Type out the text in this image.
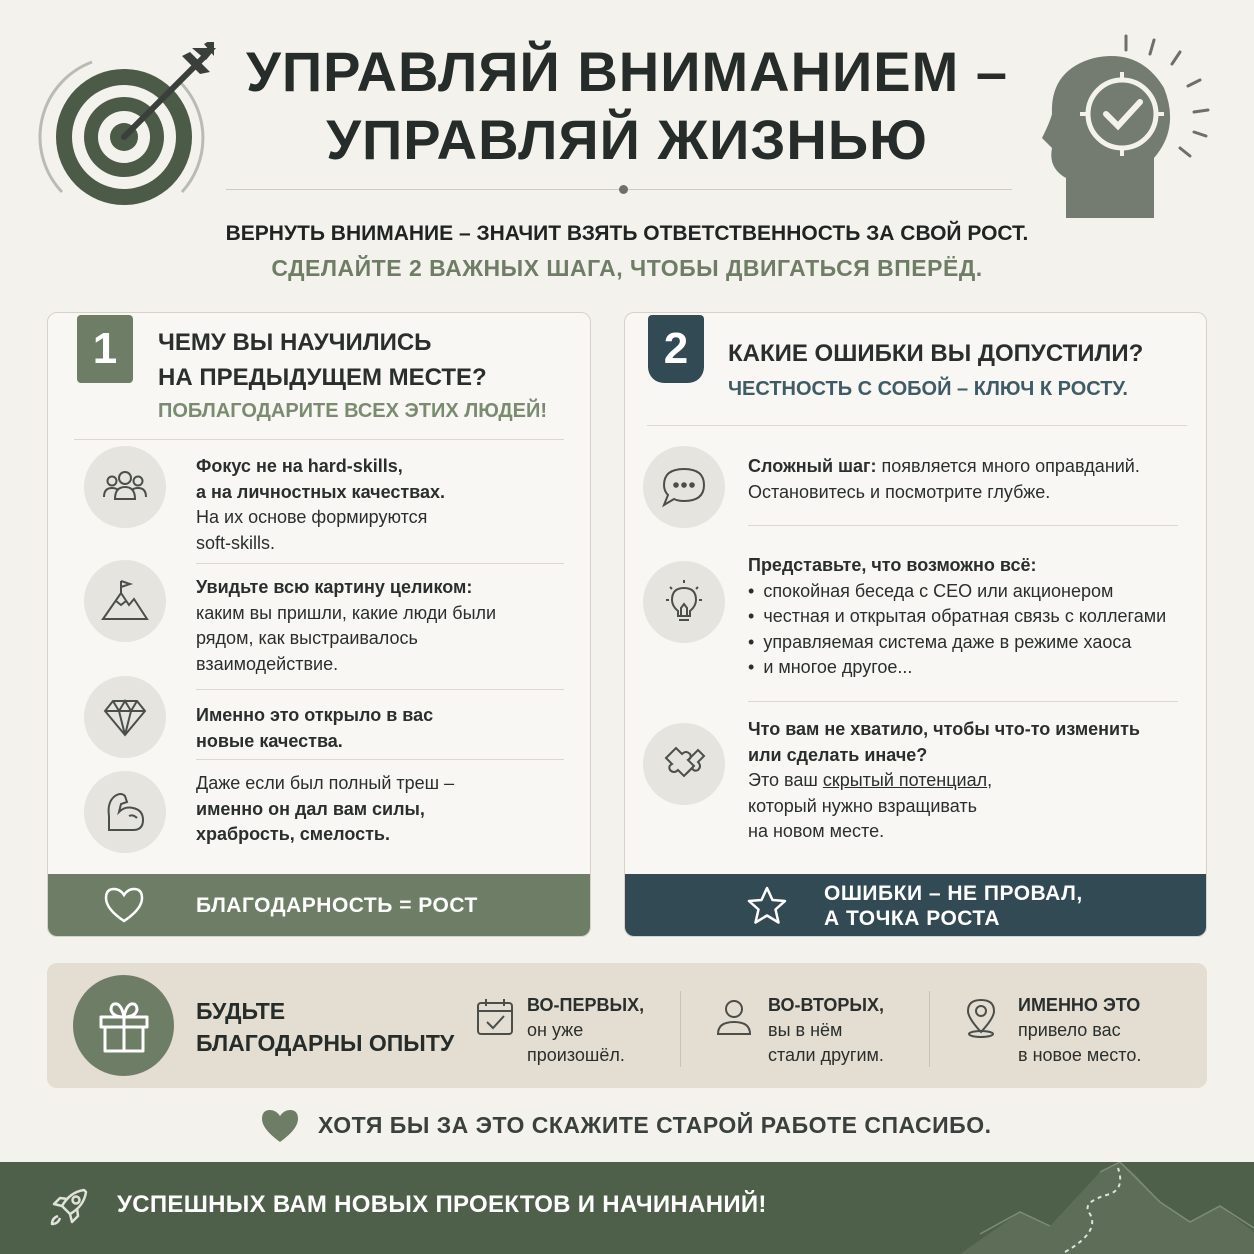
УПРАВЛЯЙ ВНИМАНИЕМ –
УПРАВЛЯЙ ЖИЗНЬЮ
ВЕРНУТЬ ВНИМАНИЕ – ЗНАЧИТ ВЗЯТЬ ОТВЕТСТВЕННОСТЬ ЗА СВОЙ РОСТ.
СДЕЛАЙТЕ 2 ВАЖНЫХ ШАГА, ЧТОБЫ ДВИГАТЬСЯ ВПЕРЁД.
1	ЧЕМУ ВЫ НАУЧИЛИСЬ
НА ПРЕДЫДУЩЕМ МЕСТЕ?
ПОБЛАГОДАРИТЕ ВСЕХ ЭТИХ ЛЮДЕЙ!
Фокус не на hard-skills,
а на личностных качествах.
На их основе формируются
soft-skills.
Увидьте всю картину целиком:
каким вы пришли, какие люди были
рядом, как выстраивалось
взаимодействие.
Именно это открыло в вас
новые качества.
Даже если был полный треш –
именно он дал вам силы,
храбрость, смелость.
БЛАГОДАРНОСТЬ = РОСТ
2	КАКИЕ ОШИБКИ ВЫ ДОПУСТИЛИ?
ЧЕСТНОСТЬ С СОБОЙ – КЛЮЧ К РОСТУ.
Сложный шаг: появляется много оправданий.
Остановитесь и посмотрите глубже.
Представьте, что возможно всё:
• спокойная беседа с CEO или акционером
• честная и открытая обратная связь с коллегами
• управляемая система даже в режиме хаоса
• и многое другое...
Что вам не хватило, чтобы что-то изменить
или сделать иначе?
Это ваш скрытый потенциал,
который нужно взращивать
на новом месте.
ОШИБКИ – НЕ ПРОВАЛ,
А ТОЧКА РОСТА
БУДЬТЕ
БЛАГОДАРНЫ ОПЫТУ
ВО-ПЕРВЫХ,
он уже
произошёл.
ВО-ВТОРЫХ,
вы в нём
стали другим.
ИМЕННО ЭТО
привело вас
в новое место.
ХОТЯ БЫ ЗА ЭТО СКАЖИТЕ СТАРОЙ РАБОТЕ СПАСИБО.
УСПЕШНЫХ ВАМ НОВЫХ ПРОЕКТОВ И НАЧИНАНИЙ!
